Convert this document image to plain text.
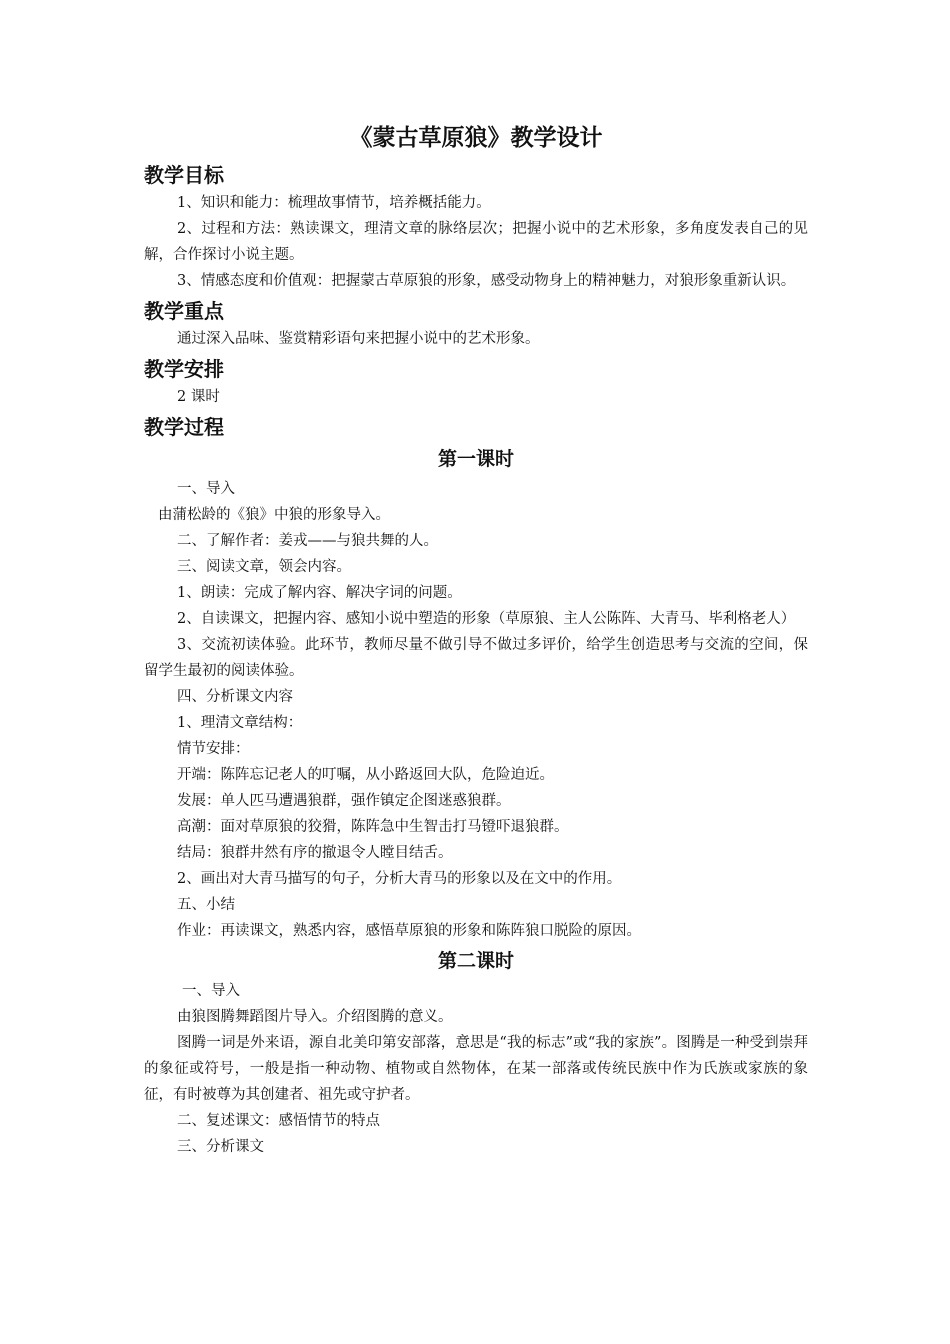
《蒙古草原狼》教学设计
教学目标
1、知识和能力：梳理故事情节，培养概括能力。
2、过程和方法：熟读课文，理清文章的脉络层次；把握小说中的艺术形象，多角度发表自己的见解，合作探讨小说主题。
3、情感态度和价值观：把握蒙古草原狼的形象，感受动物身上的精神魅力，对狼形象重新认识。
教学重点
通过深入品味、鉴赏精彩语句来把握小说中的艺术形象。
教学安排
2 课时
教学过程
第一课时
一、导入
由蒲松龄的《狼》中狼的形象导入。
二、了解作者：姜戎——与狼共舞的人。
三、阅读文章，领会内容。
1、朗读：完成了解内容、解决字词的问题。
2、自读课文，把握内容、感知小说中塑造的形象（草原狼、主人公陈阵、大青马、毕利格老人）
3、交流初读体验。此环节，教师尽量不做引导不做过多评价，给学生创造思考与交流的空间，保留学生最初的阅读体验。
四、分析课文内容
1、理清文章结构：
情节安排：
开端：陈阵忘记老人的叮嘱，从小路返回大队，危险迫近。
发展：单人匹马遭遇狼群，强作镇定企图迷惑狼群。
高潮：面对草原狼的狡猾，陈阵急中生智击打马镫吓退狼群。
结局：狼群井然有序的撤退令人瞠目结舌。
2、画出对大青马描写的句子，分析大青马的形象以及在文中的作用。
五、小结
作业：再读课文，熟悉内容，感悟草原狼的形象和陈阵狼口脱险的原因。
第二课时
一、导入
由狼图腾舞蹈图片导入。介绍图腾的意义。
图腾一词是外来语，源自北美印第安部落，意思是“我的标志”或“我的家族”。图腾是一种受到崇拜的象征或符号，一般是指一种动物、植物或自然物体，在某一部落或传统民族中作为氏族或家族的象征，有时被尊为其创建者、祖先或守护者。
二、复述课文：感悟情节的特点
三、分析课文
